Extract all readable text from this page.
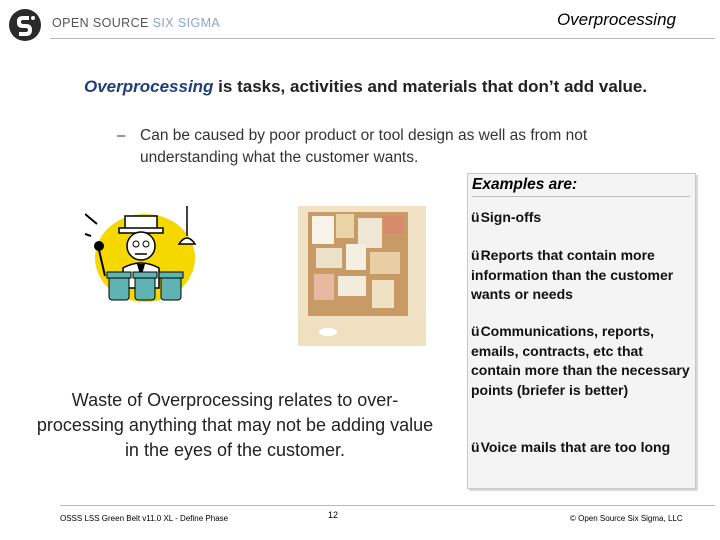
OPEN SOURCE SIX SIGMA	Overprocessing
Overprocessing is tasks, activities and materials that don’t add value.
– Can be caused by poor product or tool design as well as from not understanding what the customer wants.
Examples are:
üSign-offs
üReports that contain more information than the customer wants or needs
üCommunications, reports, emails, contracts, etc that contain more than the necessary points (briefer is better)
üVoice mails that are too long
Waste of Overprocessing relates to over-processing anything that may not be adding value in the eyes of the customer.
OSSS LSS Green Belt v11.0 XL - Define Phase	12	© Open Source Six Sigma, LLC
